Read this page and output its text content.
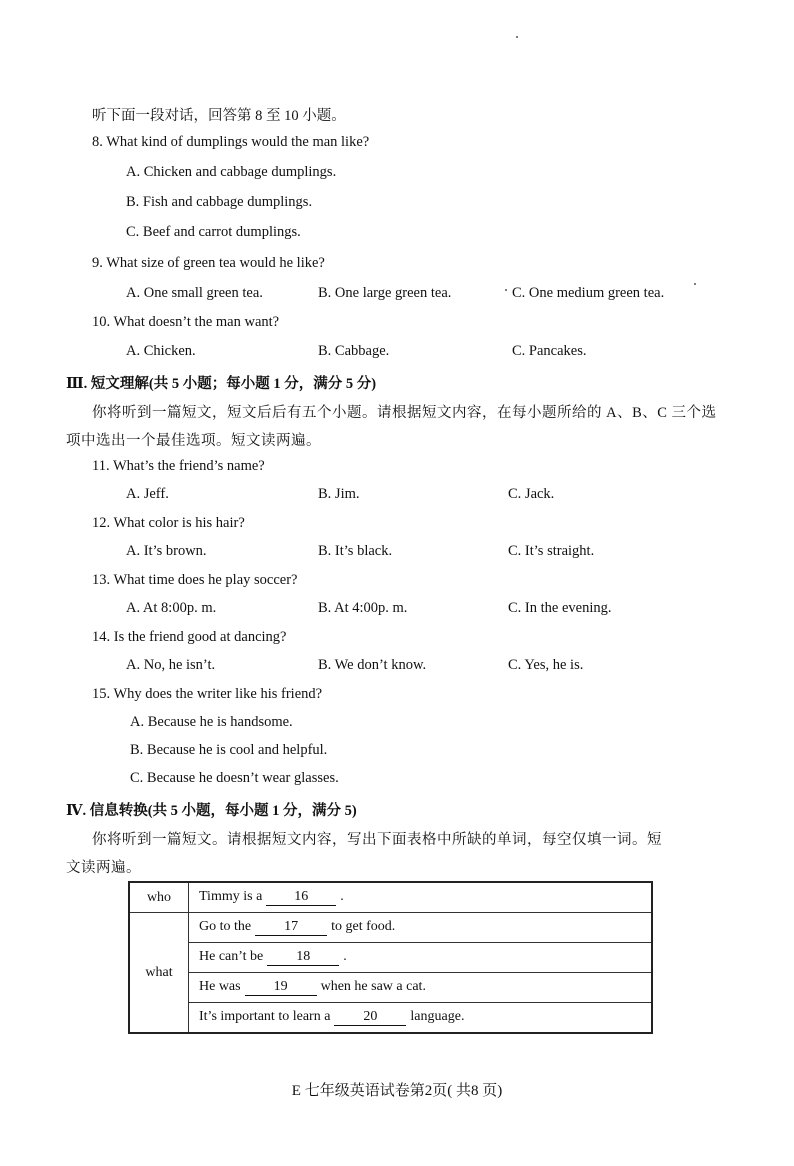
听下面一段对话，回答第 8 至 10 小题。
8. What kind of dumplings would the man like?
A. Chicken and cabbage dumplings.
B. Fish and cabbage dumplings.
C. Beef and carrot dumplings.
9. What size of green tea would he like?
A. One small green tea.	B. One large green tea.	C. One medium green tea.
10. What doesn’t the man want?
A. Chicken.	B. Cabbage.	C. Pancakes.
Ⅲ. 短文理解(共 5 小题；每小题 1 分，满分 5 分)
你将听到一篇短文，短文后后有五个小题。请根据短文内容，在每小题所给的 A、B、C 三个选
项中选出一个最佳选项。短文读两遍。
11. What’s the friend’s name?
A. Jeff.	B. Jim.	C. Jack.
12. What color is his hair?
A. It’s brown.	B. It’s black.	C. It’s straight.
13. What time does he play soccer?
A. At 8:00p. m.	B. At 4:00p. m.	C. In the evening.
14. Is the friend good at dancing?
A. No, he isn’t.	B. We don’t know.	C. Yes, he is.
15. Why does the writer like his friend?
A. Because he is handsome.
B. Because he is cool and helpful.
C. Because he doesn’t wear glasses.
Ⅳ. 信息转换(共 5 小题，每小题 1 分，满分 5)
你将听到一篇短文。请根据短文内容，写出下面表格中所缺的单词，每空仅填一词。短
文读两遍。
who	Timmy is a 16 .
what	Go to the 17 to get food.
	He can’t be 18 .
	He was 19 when he saw a cat.
	It’s important to learn a 20 language.
E 七年级英语试卷第2页( 共8 页)
